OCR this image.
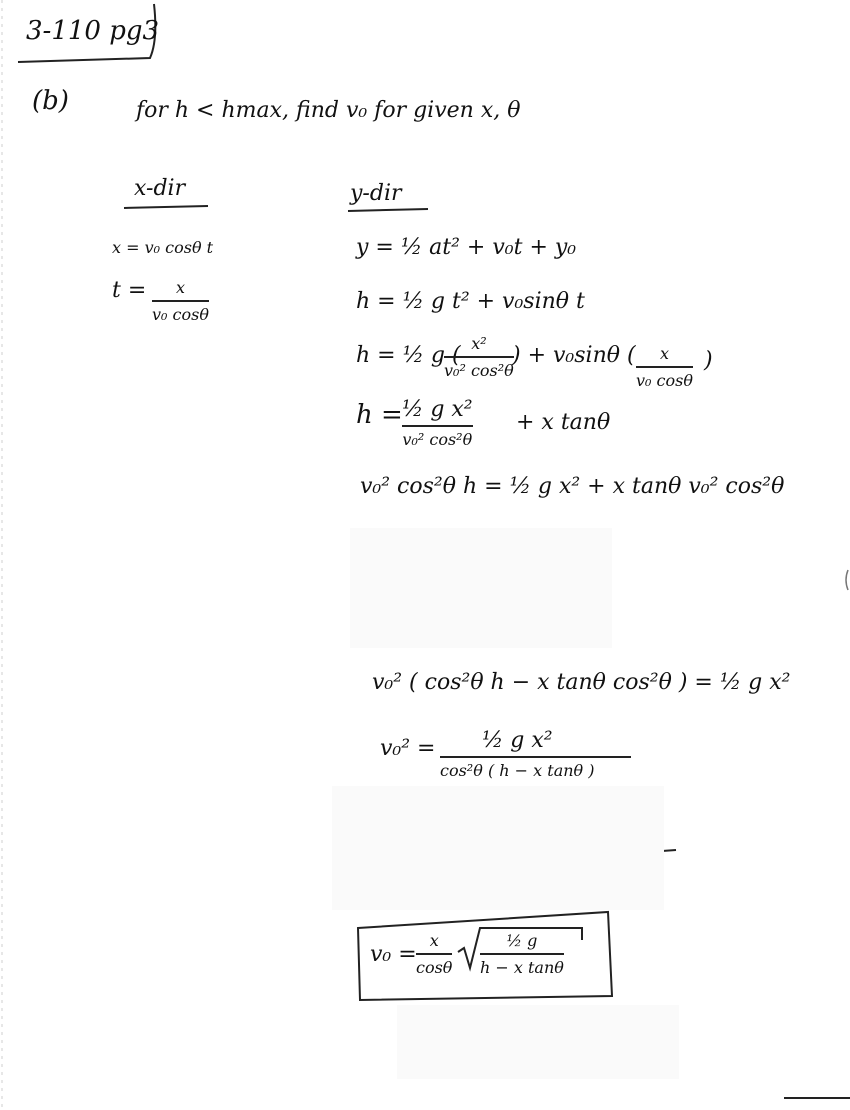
3-110 pg3
(b)	for h < hmax, find v₀ for given x, θ
x-dir
x = v₀ cosθ t
t = x
v₀ cosθ
y-dir
y = ½ at² + v₀t + y₀
h = ½ g t² + v₀sinθ t
h = ½ g ( x²
v₀² cos²θ
) + v₀sinθ ( x
v₀ cosθ
)
h = ½ g x²
v₀² cos²θ
+ x tanθ
v₀² cos²θ h = ½ g x² + x tanθ v₀² cos²θ
v₀² ( cos²θ h − x tanθ cos²θ ) = ½ g x²
v₀² = ½ g x²
cos²θ ( h − x tanθ )
v₀ =
x
cosθ
½ g
h − x tanθ
